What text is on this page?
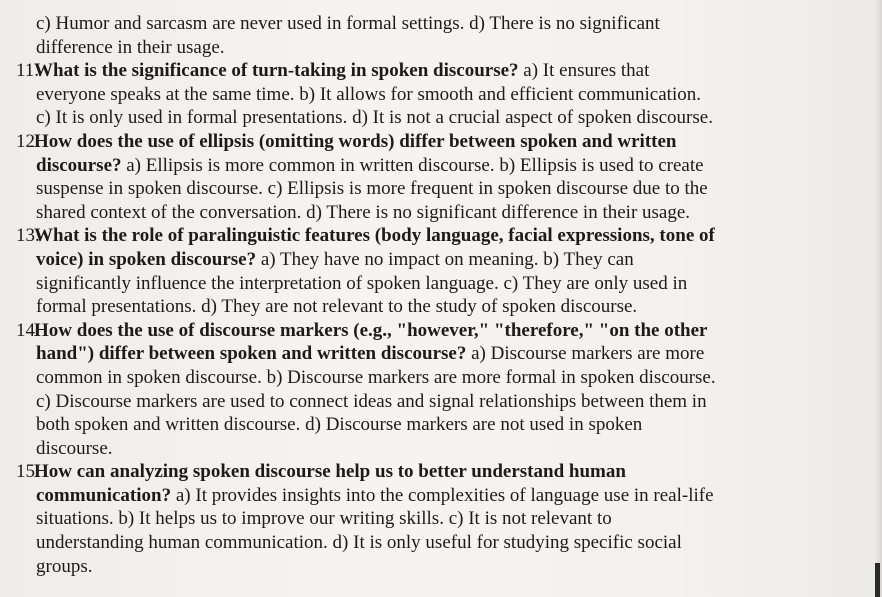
c) Humor and sarcasm are never used in formal settings. d) There is no significant
difference in their usage.
11.What is the significance of turn-taking in spoken discourse? a) It ensures that
everyone speaks at the same time. b) It allows for smooth and efficient communication.
c) It is only used in formal presentations. d) It is not a crucial aspect of spoken discourse.
12.How does the use of ellipsis (omitting words) differ between spoken and written
discourse? a) Ellipsis is more common in written discourse. b) Ellipsis is used to create
suspense in spoken discourse. c) Ellipsis is more frequent in spoken discourse due to the
shared context of the conversation. d) There is no significant difference in their usage.
13.What is the role of paralinguistic features (body language, facial expressions, tone of
voice) in spoken discourse? a) They have no impact on meaning. b) They can
significantly influence the interpretation of spoken language. c) They are only used in
formal presentations. d) They are not relevant to the study of spoken discourse.
14.How does the use of discourse markers (e.g., "however," "therefore," "on the other
hand") differ between spoken and written discourse? a) Discourse markers are more
common in spoken discourse. b) Discourse markers are more formal in spoken discourse.
c) Discourse markers are used to connect ideas and signal relationships between them in
both spoken and written discourse. d) Discourse markers are not used in spoken
discourse.
15.How can analyzing spoken discourse help us to better understand human
communication? a) It provides insights into the complexities of language use in real-life
situations. b) It helps us to improve our writing skills. c) It is not relevant to
understanding human communication. d) It is only useful for studying specific social
groups.
